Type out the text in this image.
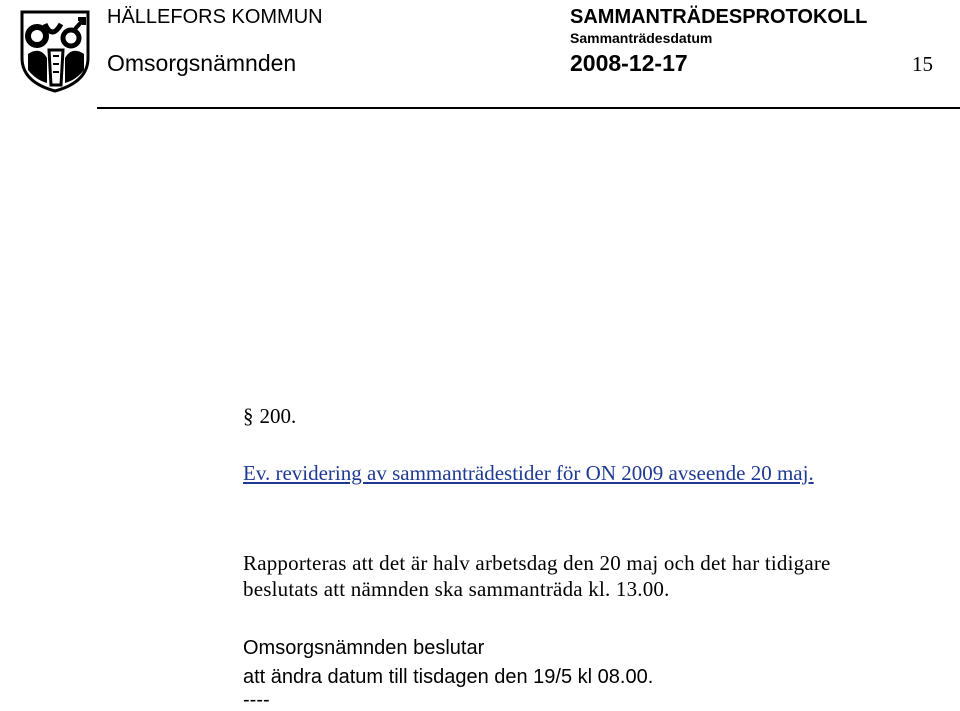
HÄLLEFORS KOMMUN
Omsorgsnämnden
SAMMANTRÄDESPROTOKOLL
Sammanträdesdatum
2008-12-17	15
§ 200.
Ev. revidering av sammanträdestider för ON 2009 avseende 20 maj.
Rapporteras att det är halv arbetsdag den 20 maj och det har tidigare beslutats att nämnden ska sammanträda kl. 13.00.
Omsorgsnämnden beslutar
att ändra datum till tisdagen den 19/5 kl 08.00.
----
